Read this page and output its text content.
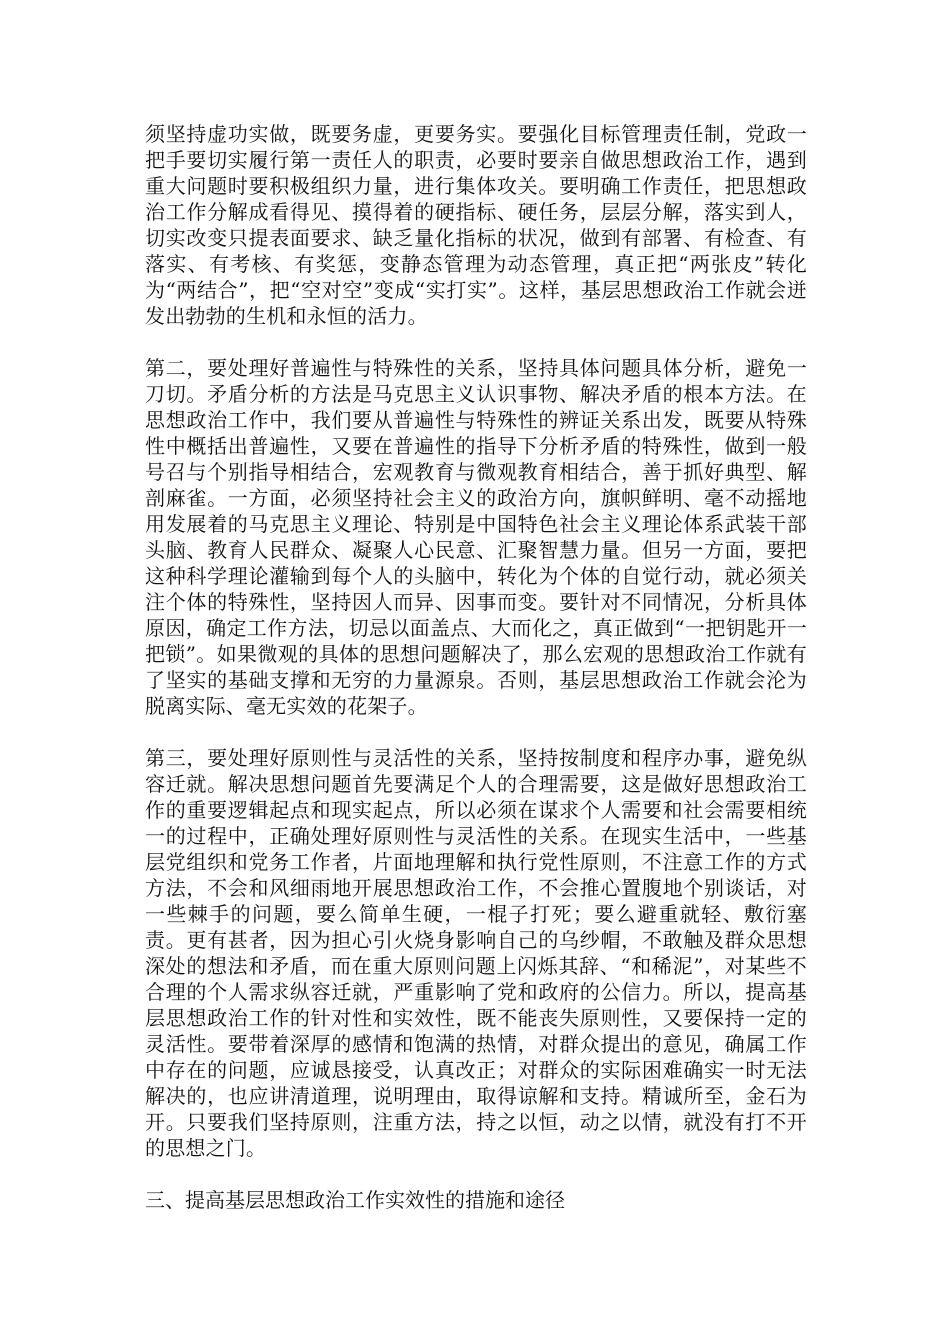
须坚持虚功实做，既要务虚，更要务实。要强化目标管理责任制，党政一把手要切实履行第一责任人的职责，必要时要亲自做思想政治工作，遇到重大问题时要积极组织力量，进行集体攻关。要明确工作责任，把思想政治工作分解成看得见、摸得着的硬指标、硬任务，层层分解，落实到人，切实改变只提表面要求、缺乏量化指标的状况，做到有部署、有检查、有落实、有考核、有奖惩，变静态管理为动态管理，真正把“两张皮”转化为“两结合”，把“空对空”变成“实打实”。这样，基层思想政治工作就会迸发出勃勃的生机和永恒的活力。

第二，要处理好普遍性与特殊性的关系，坚持具体问题具体分析，避免一刀切。矛盾分析的方法是马克思主义认识事物、解决矛盾的根本方法。在思想政治工作中，我们要从普遍性与特殊性的辨证关系出发，既要从特殊性中概括出普遍性，又要在普遍性的指导下分析矛盾的特殊性，做到一般号召与个别指导相结合，宏观教育与微观教育相结合，善于抓好典型、解剖麻雀。一方面，必须坚持社会主义的政治方向，旗帜鲜明、毫不动摇地用发展着的马克思主义理论、特别是中国特色社会主义理论体系武装干部头脑、教育人民群众、凝聚人心民意、汇聚智慧力量。但另一方面，要把这种科学理论灌输到每个人的头脑中，转化为个体的自觉行动，就必须关注个体的特殊性，坚持因人而异、因事而变。要针对不同情况，分析具体原因，确定工作方法，切忌以面盖点、大而化之，真正做到“一把钥匙开一把锁”。如果微观的具体的思想问题解决了，那么宏观的思想政治工作就有了坚实的基础支撑和无穷的力量源泉。否则，基层思想政治工作就会沦为脱离实际、毫无实效的花架子。

第三，要处理好原则性与灵活性的关系，坚持按制度和程序办事，避免纵容迁就。解决思想问题首先要满足个人的合理需要，这是做好思想政治工作的重要逻辑起点和现实起点，所以必须在谋求个人需要和社会需要相统一的过程中，正确处理好原则性与灵活性的关系。在现实生活中，一些基层党组织和党务工作者，片面地理解和执行党性原则，不注意工作的方式方法，不会和风细雨地开展思想政治工作，不会推心置腹地个别谈话，对一些棘手的问题，要么简单生硬，一棍子打死；要么避重就轻、敷衍塞责。更有甚者，因为担心引火烧身影响自己的乌纱帽，不敢触及群众思想深处的想法和矛盾，而在重大原则问题上闪烁其辞、“和稀泥”，对某些不合理的个人需求纵容迁就，严重影响了党和政府的公信力。所以，提高基层思想政治工作的针对性和实效性，既不能丧失原则性，又要保持一定的灵活性。要带着深厚的感情和饱满的热情，对群众提出的意见，确属工作中存在的问题，应诚恳接受，认真改正；对群众的实际困难确实一时无法解决的，也应讲清道理，说明理由，取得谅解和支持。精诚所至，金石为开。只要我们坚持原则，注重方法，持之以恒，动之以情，就没有打不开的思想之门。

三、提高基层思想政治工作实效性的措施和途径
